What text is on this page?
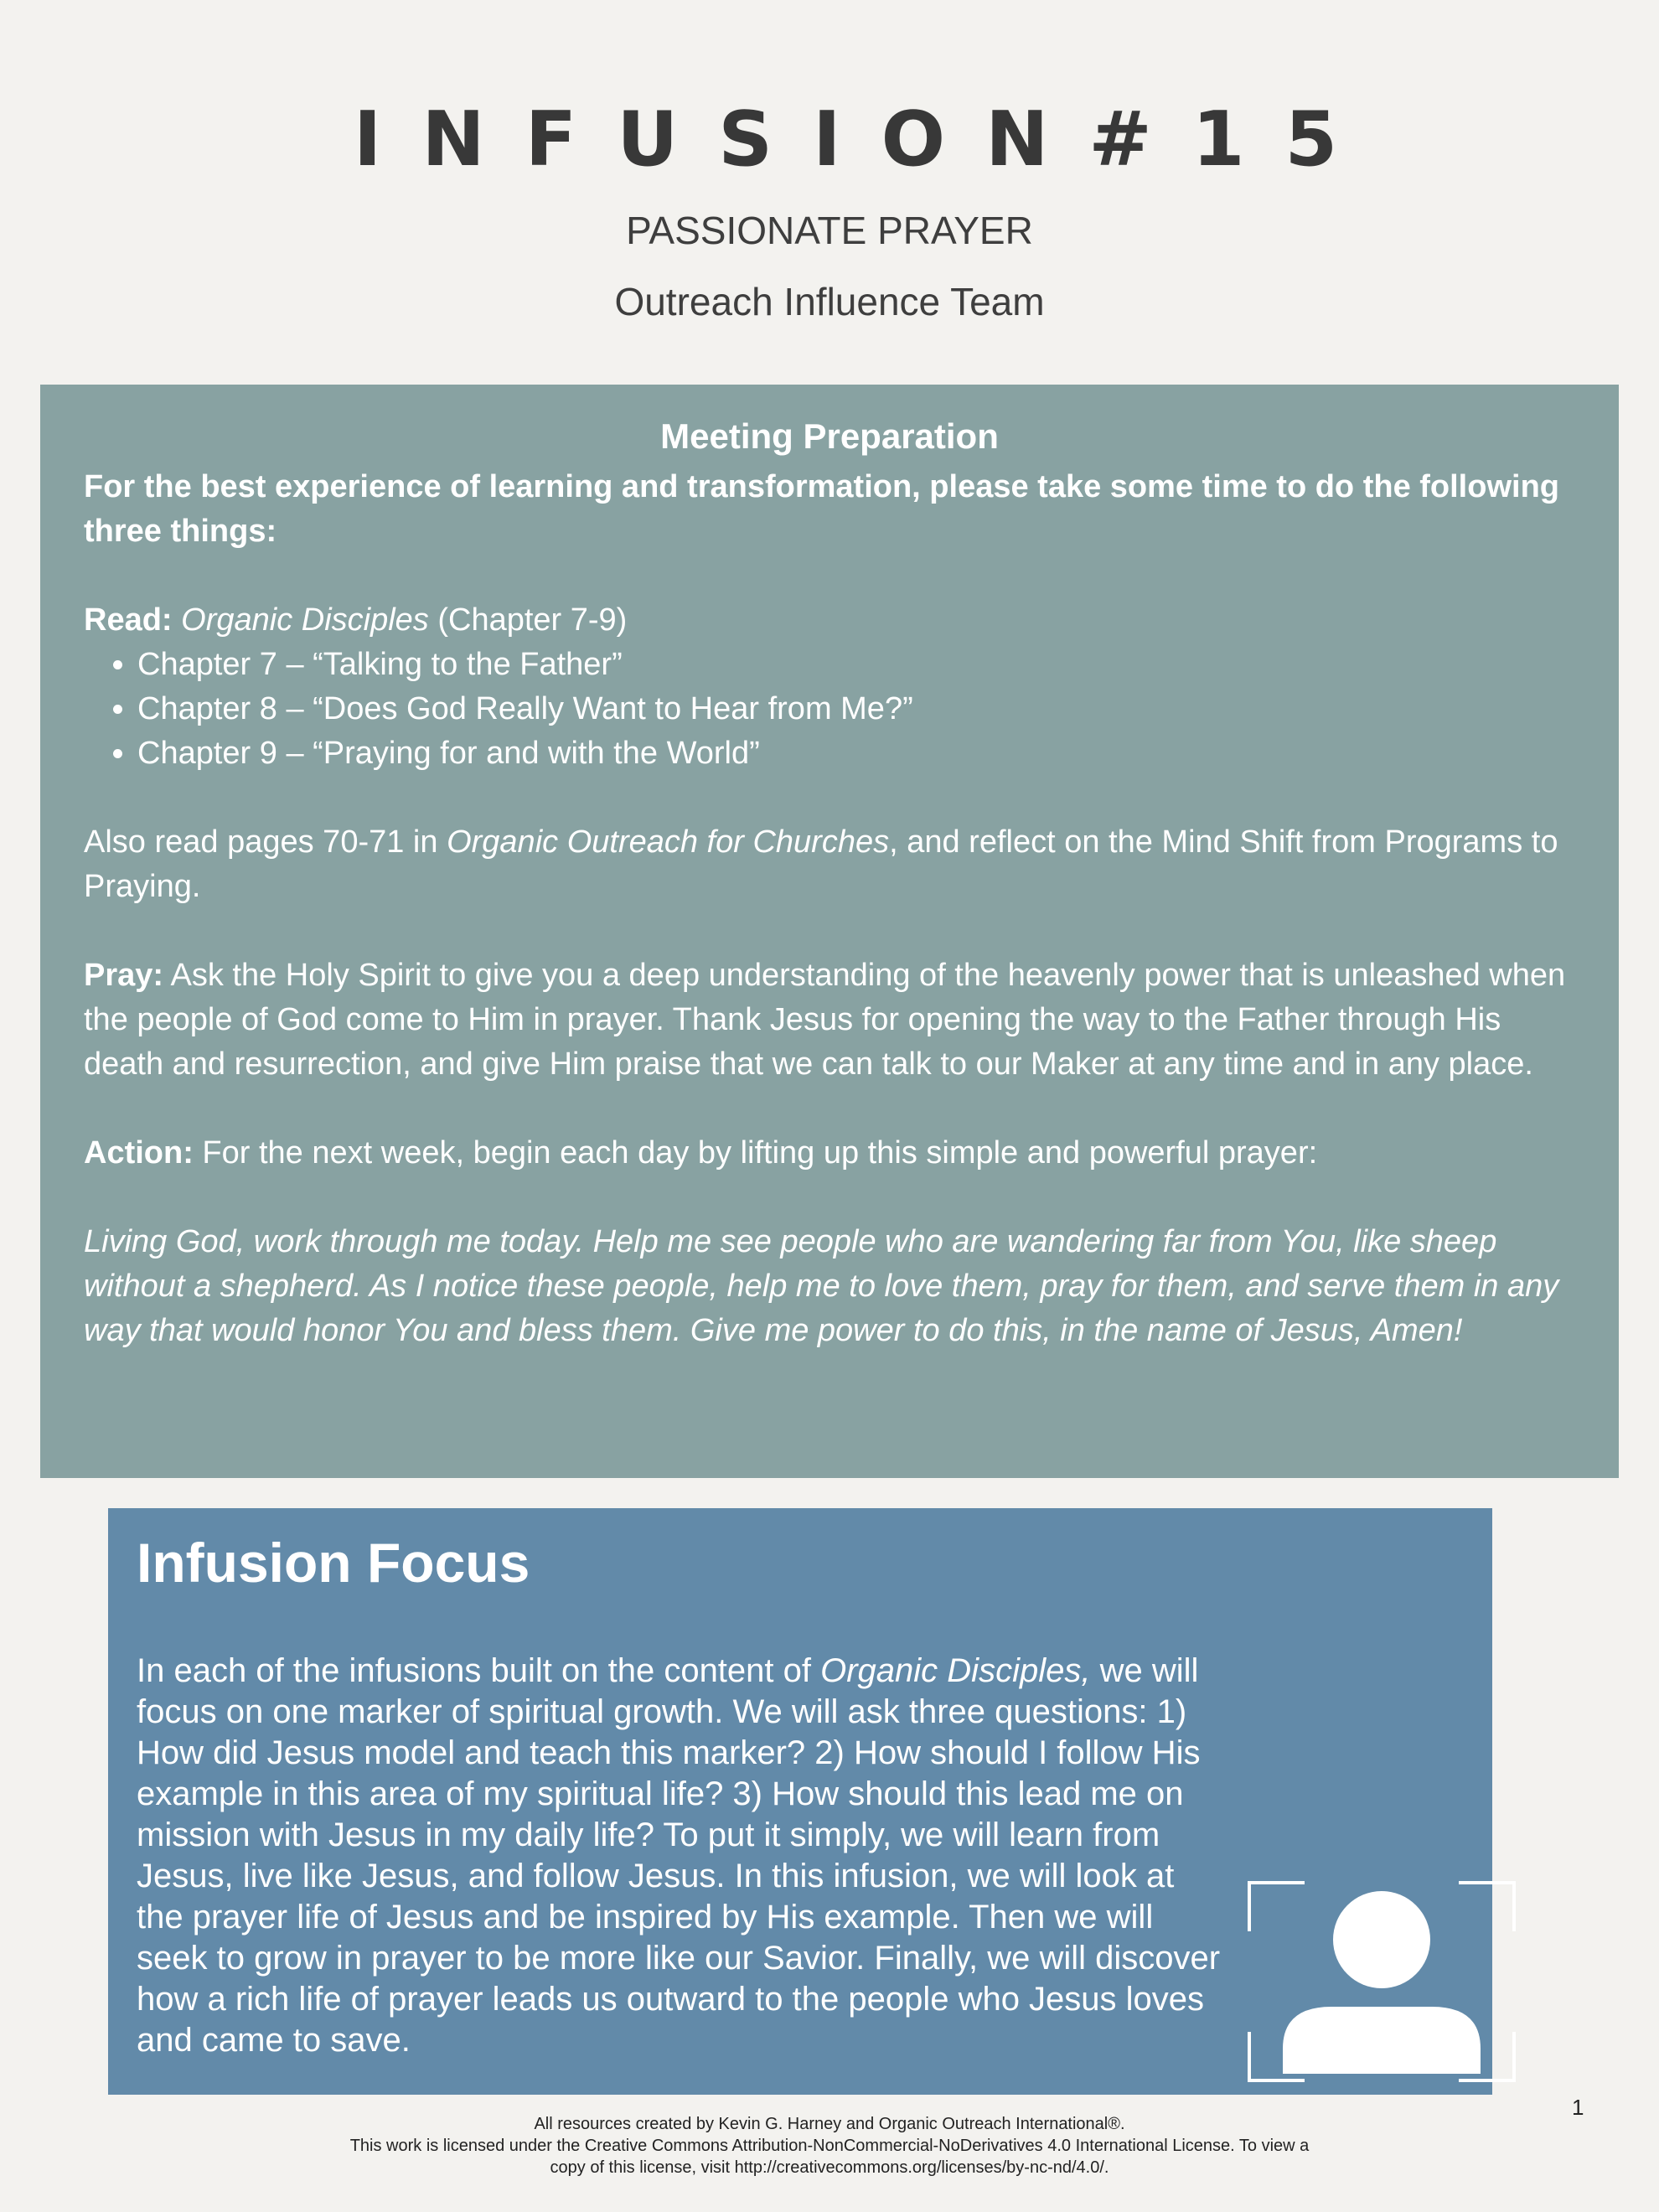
INFUSION#15
PASSIONATE PRAYER
Outreach Influence Team
Meeting Preparation

For the best experience of learning and transformation, please take some time to do the following three things:

Read: Organic Disciples (Chapter 7-9)

• Chapter 7 – “Talking to the Father”
• Chapter 8 – “Does God Really Want to Hear from Me?”
• Chapter 9 – “Praying for and with the World”

Also read pages 70-71 in Organic Outreach for Churches, and reflect on the Mind Shift from Programs to Praying.

Pray: Ask the Holy Spirit to give you a deep understanding of the heavenly power that is unleashed when the people of God come to Him in prayer. Thank Jesus for opening the way to the Father through His death and resurrection, and give Him praise that we can talk to our Maker at any time and in any place.

Action: For the next week, begin each day by lifting up this simple and powerful prayer:

Living God, work through me today. Help me see people who are wandering far from You, like sheep without a shepherd. As I notice these people, help me to love them, pray for them, and serve them in any way that would honor You and bless them. Give me power to do this, in the name of Jesus, Amen!

Infusion Focus
In each of the infusions built on the content of Organic Disciples, we will focus on one marker of spiritual growth. We will ask three questions: 1) How did Jesus model and teach this marker? 2) How should I follow His example in this area of my spiritual life? 3) How should this lead me on mission with Jesus in my daily life? To put it simply, we will learn from Jesus, live like Jesus, and follow Jesus. In this infusion, we will look at the prayer life of Jesus and be inspired by His example. Then we will seek to grow in prayer to be more like our Savior. Finally, we will discover how a rich life of prayer leads us outward to the people who Jesus loves and came to save.
1
All resources created by Kevin G. Harney and Organic Outreach International®.
This work is licensed under the Creative Commons Attribution-NonCommercial-NoDerivatives 4.0 International License. To view a
copy of this license, visit http://creativecommons.org/licenses/by-nc-nd/4.0/.
